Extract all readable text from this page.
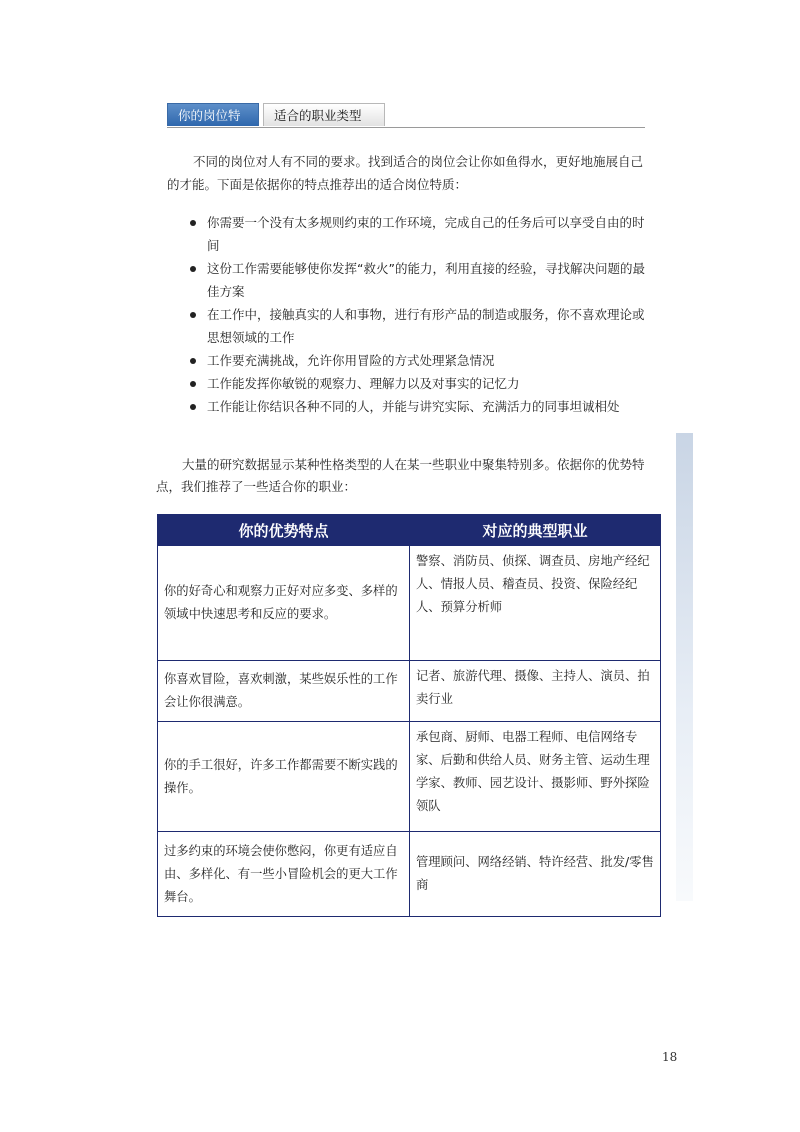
你的岗位特质
适合的职业类型

不同的岗位对人有不同的要求。找到适合的岗位会让你如鱼得水，更好地施展自己的才能。下面是依据你的特点推荐出的适合岗位特质：

你需要一个没有太多规则约束的工作环境，完成自己的任务后可以享受自由的时间
这份工作需要能够使你发挥“救火”的能力，利用直接的经验，寻找解决问题的最佳方案
在工作中，接触真实的人和事物，进行有形产品的制造或服务，你不喜欢理论或思想领域的工作
工作要充满挑战，允许你用冒险的方式处理紧急情况
工作能发挥你敏锐的观察力、理解力以及对事实的记忆力
工作能让你结识各种不同的人，并能与讲究实际、充满活力的同事坦诚相处

大量的研究数据显示某种性格类型的人在某一些职业中聚集特别多。依据你的优势特点，我们推荐了一些适合你的职业：

你的优势特点	对应的典型职业
你的好奇心和观察力正好对应多变、多样的领域中快速思考和反应的要求。	警察、消防员、侦探、调查员、房地产经纪人、情报人员、稽查员、投资、保险经纪人、预算分析师
你喜欢冒险，喜欢刺激，某些娱乐性的工作会让你很满意。	记者、旅游代理、摄像、主持人、演员、拍卖行业
你的手工很好，许多工作都需要不断实践的操作。	承包商、厨师、电器工程师、电信网络专家、后勤和供给人员、财务主管、运动生理学家、教师、园艺设计、摄影师、野外探险领队
过多约束的环境会使你憋闷，你更有适应自由、多样化、有一些小冒险机会的更大工作舞台。	管理顾问、网络经销、特许经营、批发/零售商
18
